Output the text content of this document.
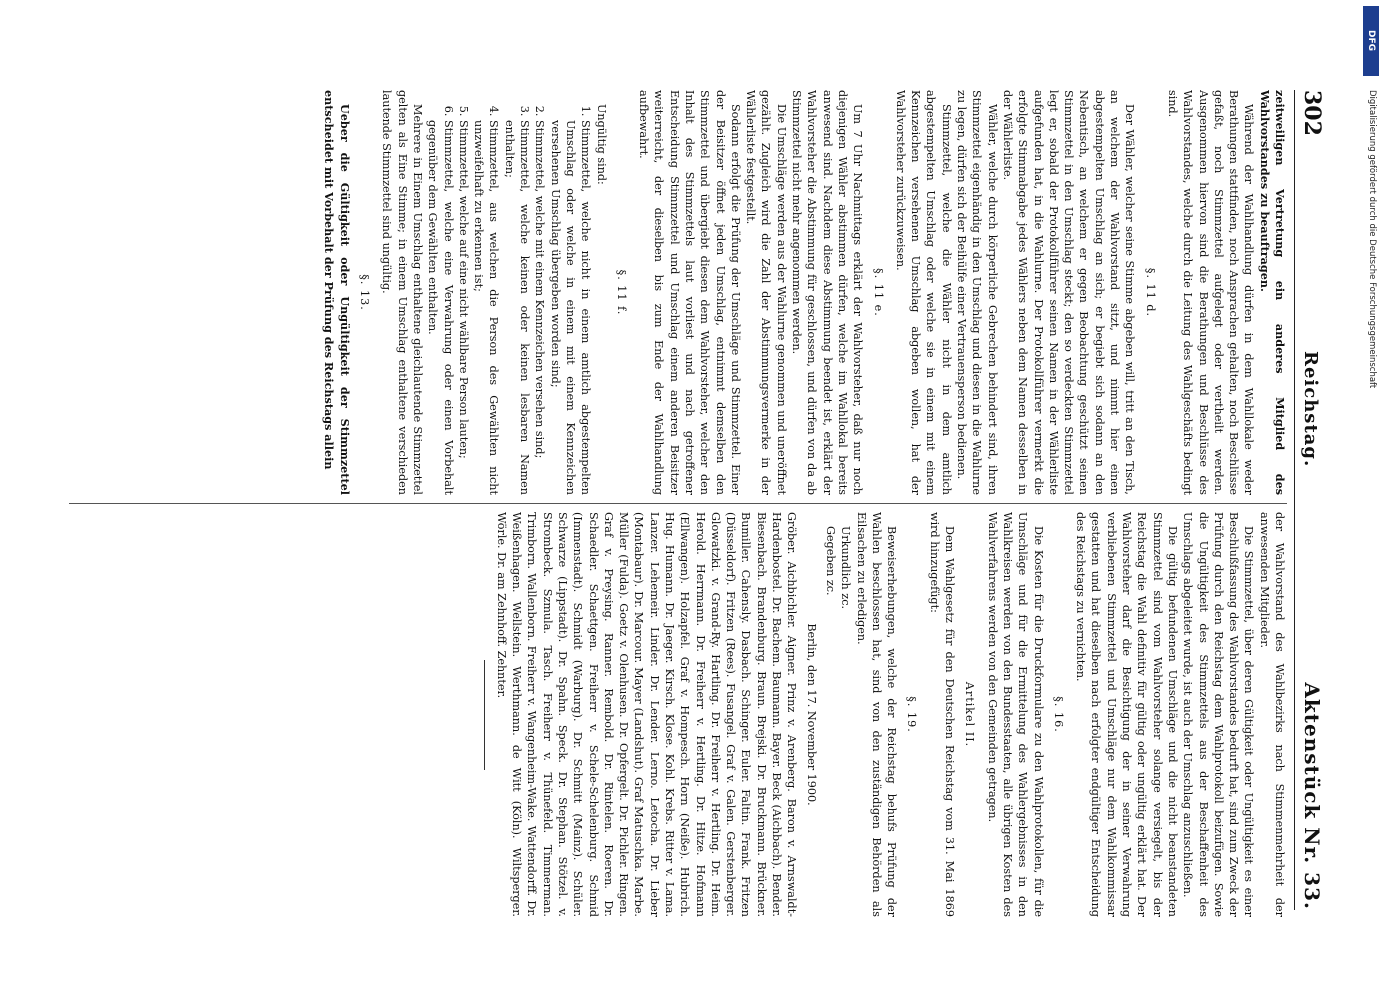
302
Reichstag.
Aktenstück Nr. 33.

zeitweiligen Vertretung ein anderes Mitglied des Wahlvorstandes zu beauftragen.

Während der Wahlhandlung dürfen in dem Wahllokale weder Berathungen stattfinden, noch Ansprachen gehalten, noch Beschlüsse gefaßt, noch Stimmzettel aufgelegt oder vertheilt werden. Ausgenommen hiervon sind die Berathungen und Beschlüsse des Wahlvorstandes, welche durch die Leitung des Wahlgeschäfts bedingt sind.

§. 11 d.

Der Wähler, welcher seine Stimme abgeben will, tritt an den Tisch, an welchem der Wahlvorstand sitzt, und nimmt hier einen abgestempelten Umschlag an sich; er begiebt sich sodann an den Nebentisch, an welchem er gegen Beobachtung geschützt seinen Stimmzettel in den Umschlag steckt; den so verdeckten Stimmzettel legt er, sobald der Protokollführer seinen Namen in der Wählerliste aufgefunden hat, in die Wahlurne. Der Protokollführer vermerkt die erfolgte Stimmabgabe jedes Wählers neben dem Namen desselben in der Wählerliste.

Wähler, welche durch körperliche Gebrechen behindert sind, ihren Stimmzettel eigenhändig in den Umschlag und diesen in die Wahlurne zu legen, dürfen sich der Beihülfe einer Vertrauensperson bedienen.

Stimmzettel, welche die Wähler nicht in dem amtlich abgestempelten Umschlag oder welche sie in einem mit einem Kennzeichen versehenen Umschlag abgeben wollen, hat der Wahlvorsteher zurückzuweisen.

§. 11 e.

Um 7 Uhr Nachmittags erklärt der Wahlvorsteher, daß nur noch diejenigen Wähler abstimmen dürfen, welche im Wahllokal bereits anwesend sind. Nachdem diese Abstimmung beendet ist, erklärt der Wahlvorsteher die Abstimmung für geschlossen, und dürfen von da ab Stimmzettel nicht mehr angenommen werden.

Die Umschläge werden aus der Wahlurne genommen und uneröffnet gezählt. Zugleich wird die Zahl der Abstimmungsvermerke in der Wählerliste festgestellt.

Sodann erfolgt die Prüfung der Umschläge und Stimmzettel. Einer der Beisitzer öffnet jeden Umschlag, entnimmt demselben den Stimmzettel und übergiebt diesen dem Wahlvorsteher, welcher den Inhalt des Stimmzettels laut vorliest und nach getroffener Entscheidung Stimmzettel und Umschlag einem anderen Beisitzer weiterreicht, der dieselben bis zum Ende der Wahlhandlung aufbewahrt.

§. 11 f.

Ungültig sind:

1. Stimmzettel, welche nicht in einem amtlich abgestempelten Umschlag oder welche in einem mit einem Kennzeichen versehenen Umschlag übergeben worden sind;
2. Stimmzettel, welche mit einem Kennzeichen versehen sind;
3. Stimmzettel, welche keinen oder keinen lesbaren Namen enthalten;
4. Stimmzettel, aus welchen die Person des Gewählten nicht unzweifelhaft zu erkennen ist;
5. Stimmzettel, welche auf eine nicht wählbare Person lauten;
6. Stimmzettel, welche eine Verwahrung oder einen Vorbehalt gegenüber dem Gewählten enthalten.

Mehrere in Einem Umschlag enthaltene gleichlautende Stimmzettel gelten als Eine Stimme; in einem Umschlag enthaltene verschieden lautende Stimmzettel sind ungültig.

§. 13.

Ueber die Gültigkeit oder Ungültigkeit der Stimmzettel entscheidet mit Vorbehalt der Prüfung des Reichstags allein

der Wahlvorstand des Wahlbezirks nach Stimmenmehrheit der anwesenden Mitglieder.

Die Stimmzettel, über deren Gültigkeit oder Ungültigkeit es einer Beschlußfassung des Wahlvorstandes bedurft hat, sind zum Zweck der Prüfung durch den Reichstag dem Wahlprotokoll beizufügen. Sowie die Ungültigkeit des Stimmzettels aus der Beschaffenheit des Umschlags abgeleitet wurde, ist auch der Umschlag anzuschließen.

Die gültig befundenen Umschläge und die nicht beanstandeten Stimmzettel sind vom Wahlvorsteher solange versiegelt, bis der Reichstag die Wahl definitiv für gültig oder ungültig erklärt hat. Der Wahlvorsteher darf die Besichtigung der in seiner Verwahrung verbliebenen Stimmzettel und Umschläge nur dem Wahlkommissar gestatten und hat dieselben nach erfolgter endgültiger Entscheidung des Reichstags zu vernichten.

§. 16.

Die Kosten für die Druckformulare zu den Wahlprotokollen, für die Umschläge und für die Ermittelung des Wahlergebnisses in den Wahlkreisen werden von den Bundesstaaten, alle übrigen Kosten des Wahlverfahrens werden von den Gemeinden getragen.

Artikel II.

Dem Wahlgesetz für den Deutschen Reichstag vom 31. Mai 1869 wird hinzugefügt:

§. 19.

Beweiserhebungen, welche der Reichstag behufs Prüfung der Wahlen beschlossen hat, sind von den zuständigen Behörden als Eilsachen zu erledigen.

Urkundlich zc.

Gegeben zc.

Berlin, den 17. November 1900.

Gröber. Aichbichler. Aigner. Prinz v. Arenberg. Baron v. Arnswaldt-Hardenbostel. Dr. Bachem. Baumann. Bayer. Beck (Aichbach). Bender. Biesenbach. Brandenburg. Braun. Brejski. Dr. Bruckmann. Brückner. Bumiller. Cahensly. Dasbach. Schinger. Euler. Faltin. Frank. Fritzen (Düsseldorf). Fritzen (Rees). Fusangel. Graf v. Galen. Gerstenberger. Glowatzki. v. Grand-Ry. Hartling. Dr. Freiherr v. Hertling. Dr. Heim. Herold. Herrmann. Dr. Freiherr v. Hertling. Dr. Hitze. Hofmann (Ellwangen). Holzapfel. Graf v. Hompesch. Horn (Neiße). Hubrich. Hug. Humann. Dr. Jaeger. Kirsch. Klose. Kohl. Krebs. Ritter v. Lama. Lanzer. Lehemeir. Linder. Dr. Lender. Lerno. Letocha. Dr. Lieber (Montabaur). Dr. Marcour. Mayer (Landshut). Graf Matuschka. Marbe. Müller (Fulda). Goetz v. Olenhusen. Dr. Opfergelt. Dr. Pichler. Ringen. Graf v. Preysing. Ranner. Rembold. Dr. Rintelen. Roeren. Dr. Schaedler. Schaettgen. Freiherr v. Schele-Schelenburg. Schmid (Immenstadt). Schmidt (Warburg). Dr. Schmitt (Mainz). Schüler. Schwarze (Lippstadt). Dr. Spahn. Speck. Dr. Stephan. Stötzel. v. Strombeck. Szmula. Tasch. Freiherr v. Thünefeld. Timmerman. Trimborn. Wallenborn. Freiherr v. Wangenheim-Wake. Wattendorff. Dr. Weißenhagen. Wellstein. Werthmann. de Witt (Köln). Wiltsperger. Wörle. Dr. am Zehnhoff. Zehnter.

DFG
Digitalisierung gefördert durch die Deutsche Forschungsgemeinschaft
